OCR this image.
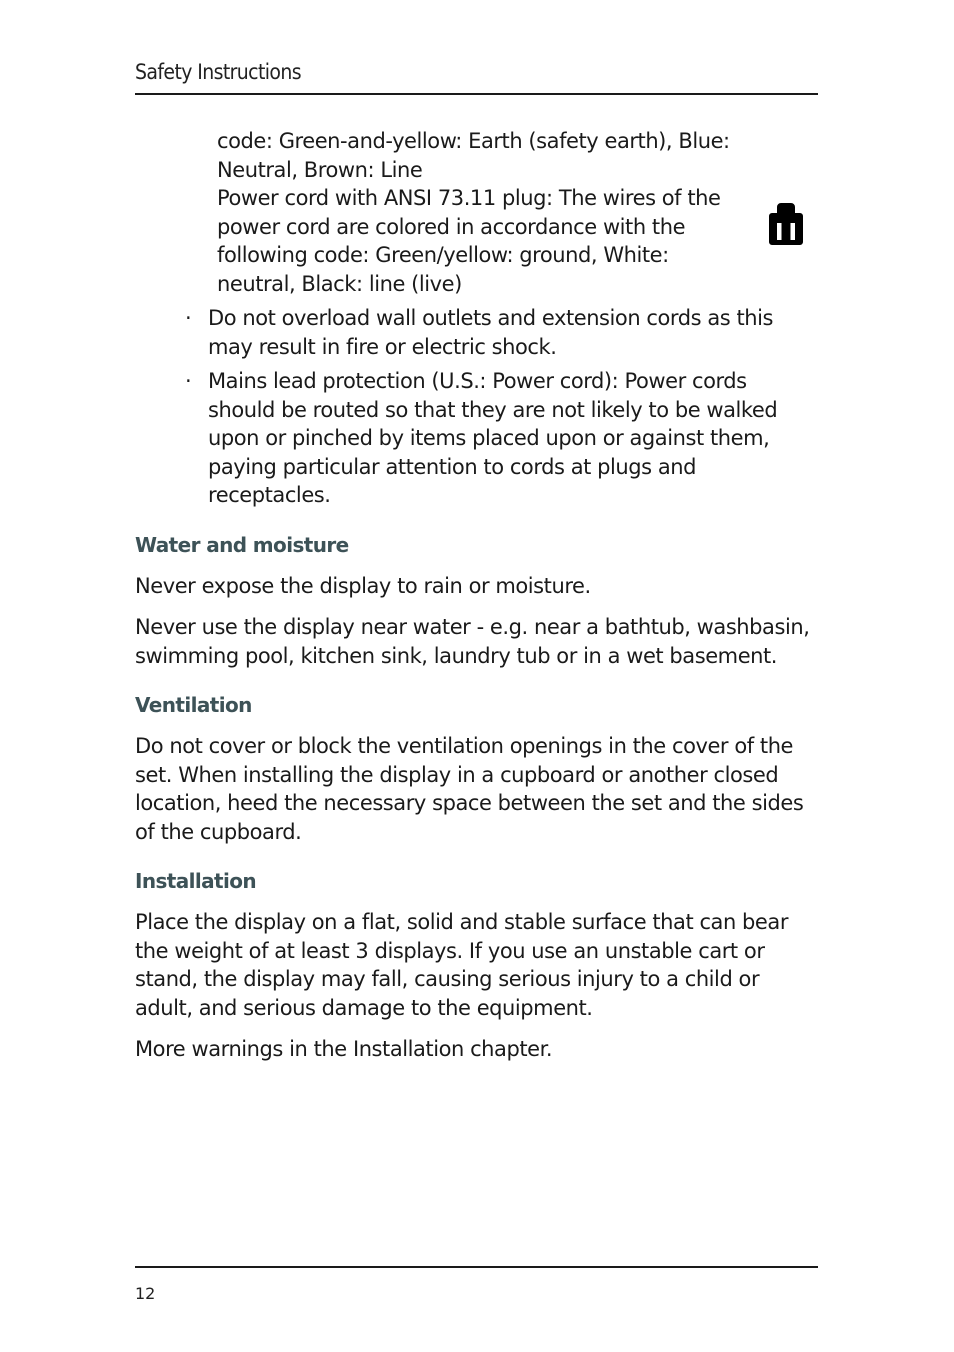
Safety Instructions

code: Green-and-yellow: Earth (safety earth), Blue: Neutral, Brown: Line

Power cord with ANSI 73.11 plug: The wires of the power cord are colored in accordance with the following code: Green/yellow: ground, White: neutral, Black: line (live)

· Do not overload wall outlets and extension cords as this may result in fire or electric shock.
· Mains lead protection (U.S.: Power cord): Power cords should be routed so that they are not likely to be walked upon or pinched by items placed upon or against them, paying particular attention to cords at plugs and receptacles.
Water and moisture

Never expose the display to rain or moisture.

Never use the display near water - e.g. near a bathtub, washbasin, swimming pool, kitchen sink, laundry tub or in a wet basement.

Ventilation

Do not cover or block the ventilation openings in the cover of the set. When installing the display in a cupboard or another closed location, heed the necessary space between the set and the sides of the cupboard.

Installation

Place the display on a flat, solid and stable surface that can bear the weight of at least 3 displays. If you use an unstable cart or stand, the display may fall, causing serious injury to a child or adult, and serious damage to the equipment.

More warnings in the Installation chapter.

12
